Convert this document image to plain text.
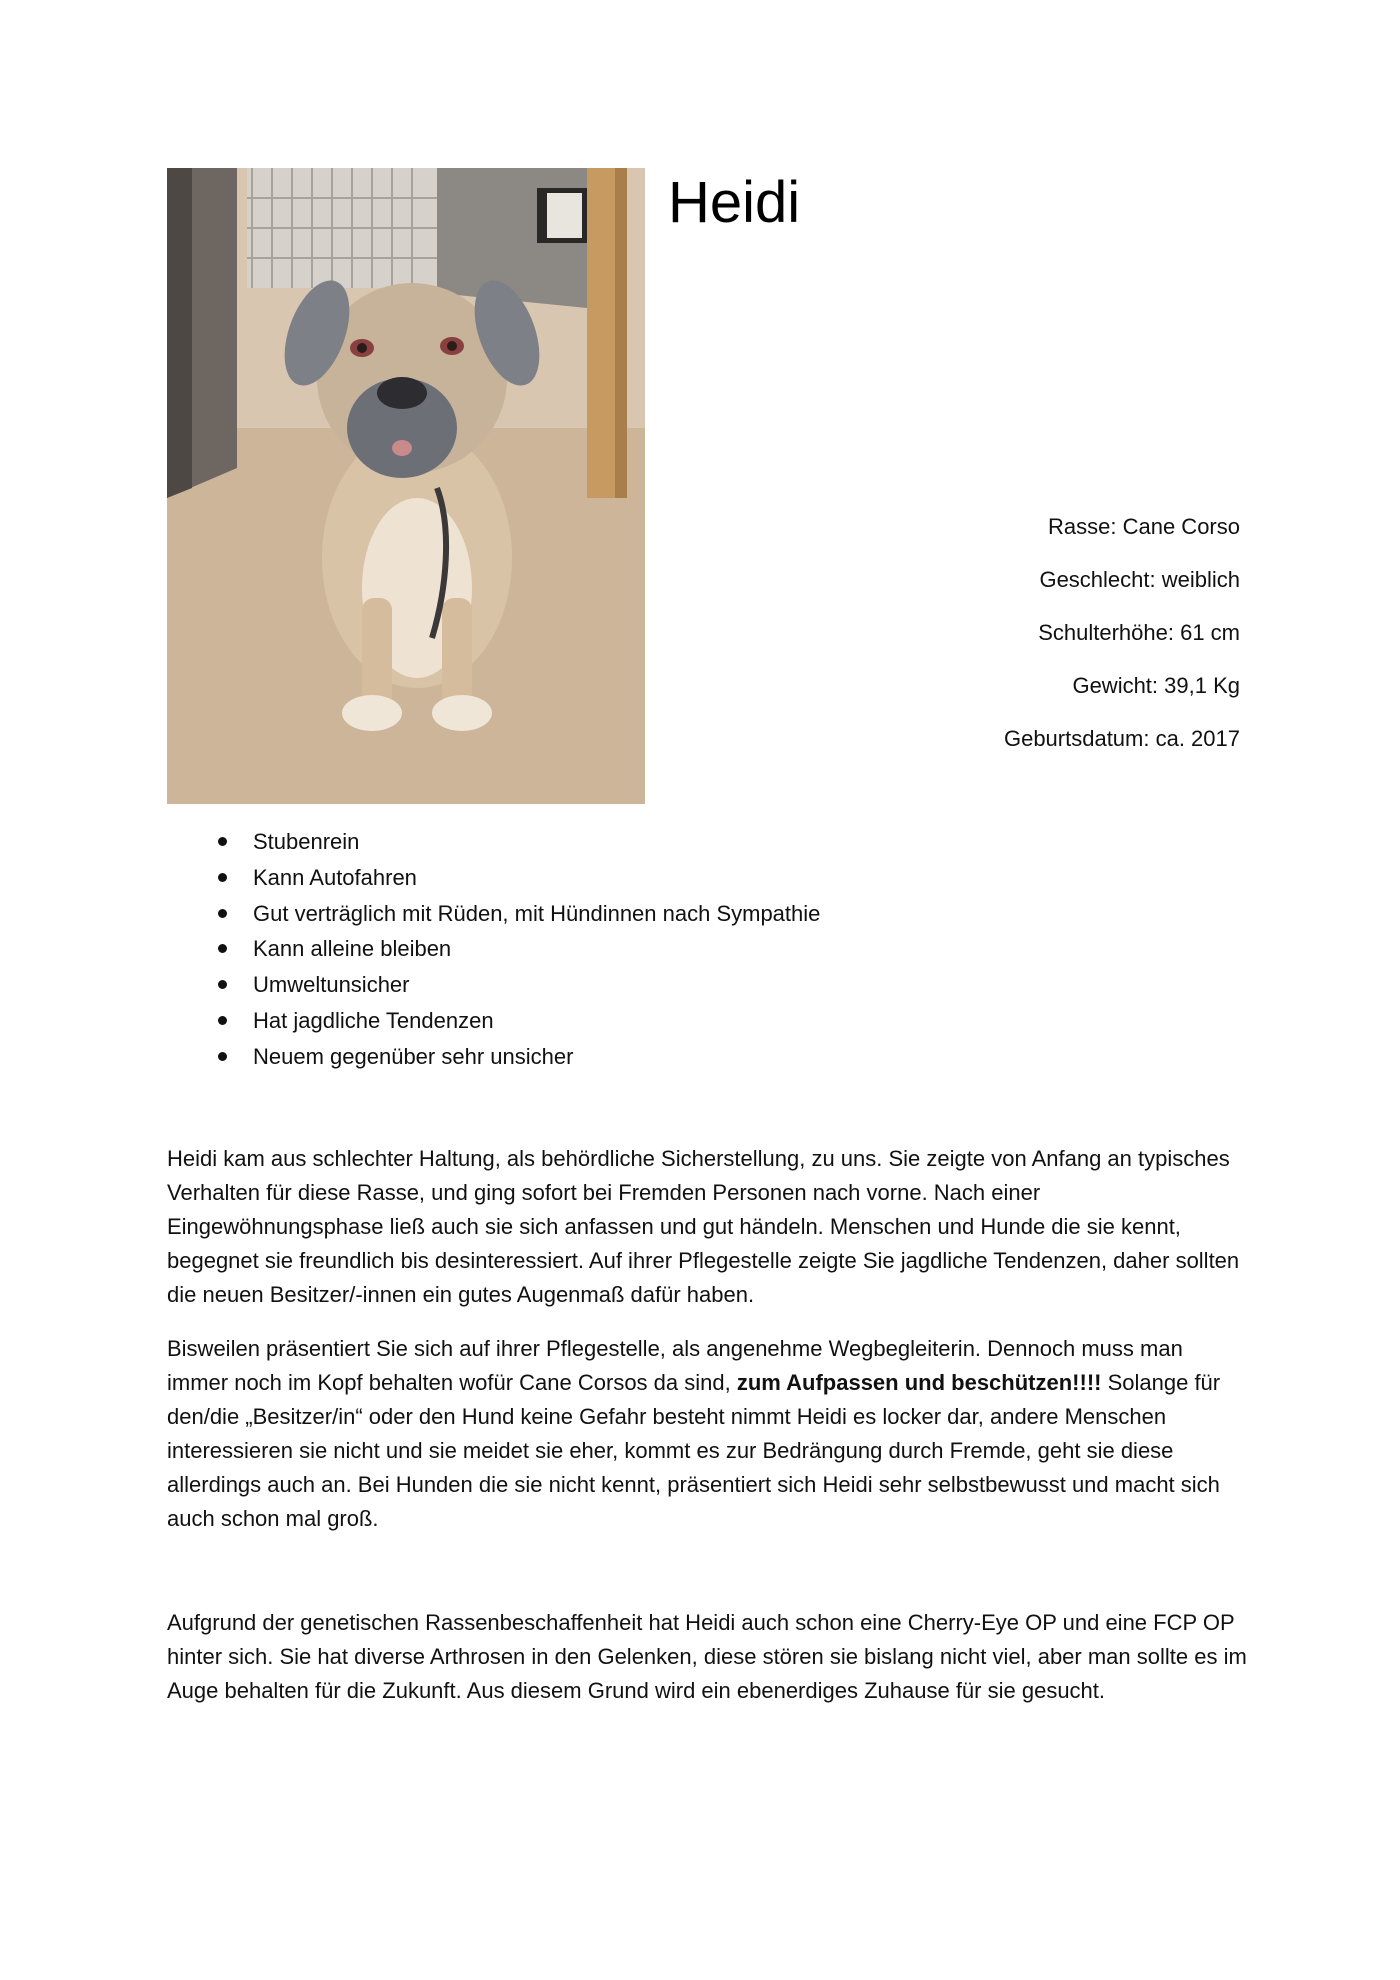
Heidi
Rasse: Cane Corso
Geschlecht: weiblich
Schulterhöhe: 61 cm
Gewicht: 39,1 Kg
Geburtsdatum: ca. 2017
Stubenrein
Kann Autofahren
Gut verträglich mit Rüden, mit Hündinnen nach Sympathie
Kann alleine bleiben
Umweltunsicher
Hat jagdliche Tendenzen
Neuem gegenüber sehr unsicher

Heidi kam aus schlechter Haltung, als behördliche Sicherstellung, zu uns. Sie zeigte von Anfang an typisches Verhalten für diese Rasse, und ging sofort bei Fremden Personen nach vorne. Nach einer Eingewöhnungsphase ließ auch sie sich anfassen und gut händeln. Menschen und Hunde die sie kennt, begegnet sie freundlich bis desinteressiert. Auf ihrer Pflegestelle zeigte Sie jagdliche Tendenzen, daher sollten die neuen Besitzer/-innen ein gutes Augenmaß dafür haben.

Bisweilen präsentiert Sie sich auf ihrer Pflegestelle, als angenehme Wegbegleiterin. Dennoch muss man immer noch im Kopf behalten wofür Cane Corsos da sind, zum Aufpassen und beschützen!!!! Solange für den/die „Besitzer/in“ oder den Hund keine Gefahr besteht nimmt Heidi es locker dar, andere Menschen interessieren sie nicht und sie meidet sie eher, kommt es zur Bedrängung durch Fremde, geht sie diese allerdings auch an. Bei Hunden die sie nicht kennt, präsentiert sich Heidi sehr selbstbewusst und macht sich auch schon mal groß.

Aufgrund der genetischen Rassenbeschaffenheit hat Heidi auch schon eine Cherry-Eye OP und eine FCP OP hinter sich. Sie hat diverse Arthrosen in den Gelenken, diese stören sie bislang nicht viel, aber man sollte es im Auge behalten für die Zukunft. Aus diesem Grund wird ein ebenerdiges Zuhause für sie gesucht.
